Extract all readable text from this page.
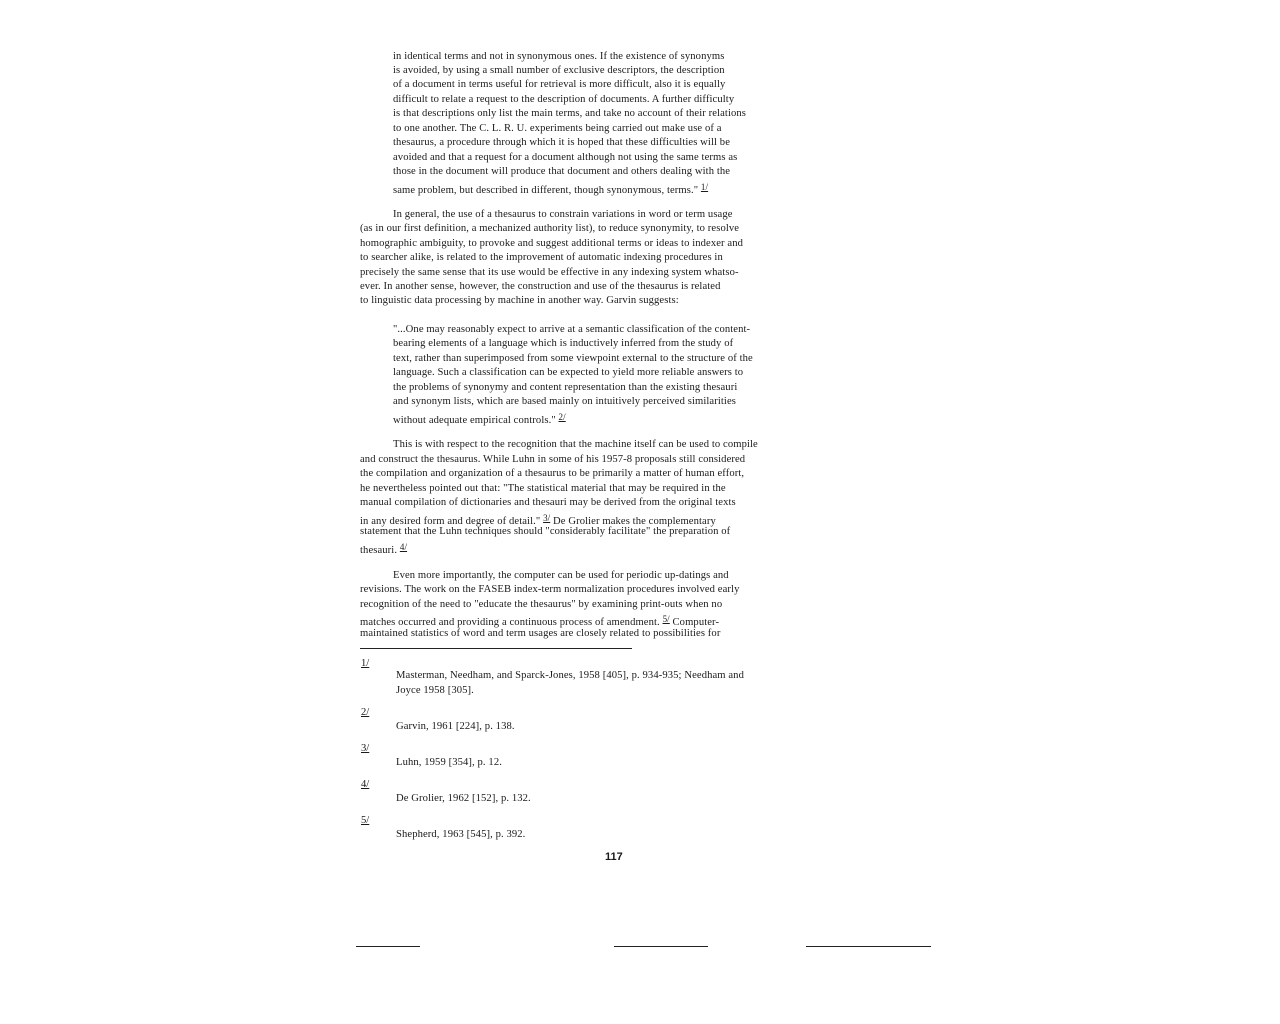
in identical terms and not in synonymous ones. If the existence of synonyms
is avoided, by using a small number of exclusive descriptors, the description
of a document in terms useful for retrieval is more difficult, also it is equally
difficult to relate a request to the description of documents. A further difficulty
is that descriptions only list the main terms, and take no account of their relations
to one another. The C. L. R. U. experiments being carried out make use of a
thesaurus, a procedure through which it is hoped that these difficulties will be
avoided and that a request for a document although not using the same terms as
those in the document will produce that document and others dealing with the
same problem, but described in different, though synonymous, terms." $^{1/}$
In general, the use of a thesaurus to constrain variations in word or term usage
(as in our first definition, a mechanized authority list), to reduce synonymity, to resolve
homographic ambiguity, to provoke and suggest additional terms or ideas to indexer and
to searcher alike, is related to the improvement of automatic indexing procedures in
precisely the same sense that its use would be effective in any indexing system whatso-
ever. In another sense, however, the construction and use of the thesaurus is related
to linguistic data processing by machine in another way. Garvin suggests:
"...One may reasonably expect to arrive at a semantic classification of the content-
bearing elements of a language which is inductively inferred from the study of
text, rather than superimposed from some viewpoint external to the structure of the
language. Such a classification can be expected to yield more reliable answers to
the problems of synonymy and content representation than the existing thesauri
and synonym lists, which are based mainly on intuitively perceived similarities
without adequate empirical controls." $^{2/}$
This is with respect to the recognition that the machine itself can be used to compile
and construct the thesaurus. While Luhn in some of his 1957-8 proposals still considered
the compilation and organization of a thesaurus to be primarily a matter of human effort,
he nevertheless pointed out that: "The statistical material that may be required in the
manual compilation of dictionaries and thesauri may be derived from the original texts
in any desired form and degree of detail." $^{3/}$ De Grolier makes the complementary
statement that the Luhn techniques should "considerably facilitate" the preparation of
thesauri. $^{4/}$
Even more importantly, the computer can be used for periodic up-datings and
revisions. The work on the FASEB index-term normalization procedures involved early
recognition of the need to "educate the thesaurus" by examining print-outs when no
matches occurred and providing a continuous process of amendment. $^{5/}$ Computer-
maintained statistics of word and term usages are closely related to possibilities for
1/
Masterman, Needham, and Sparck-Jones, 1958 [405], p. 934-935; Needham and
Joyce 1958 [305].
2/
Garvin, 1961 [224], p. 138.
3/
Luhn, 1959 [354], p. 12.
4/
De Grolier, 1962 [152], p. 132.
5/
Shepherd, 1963 [545], p. 392.
117
